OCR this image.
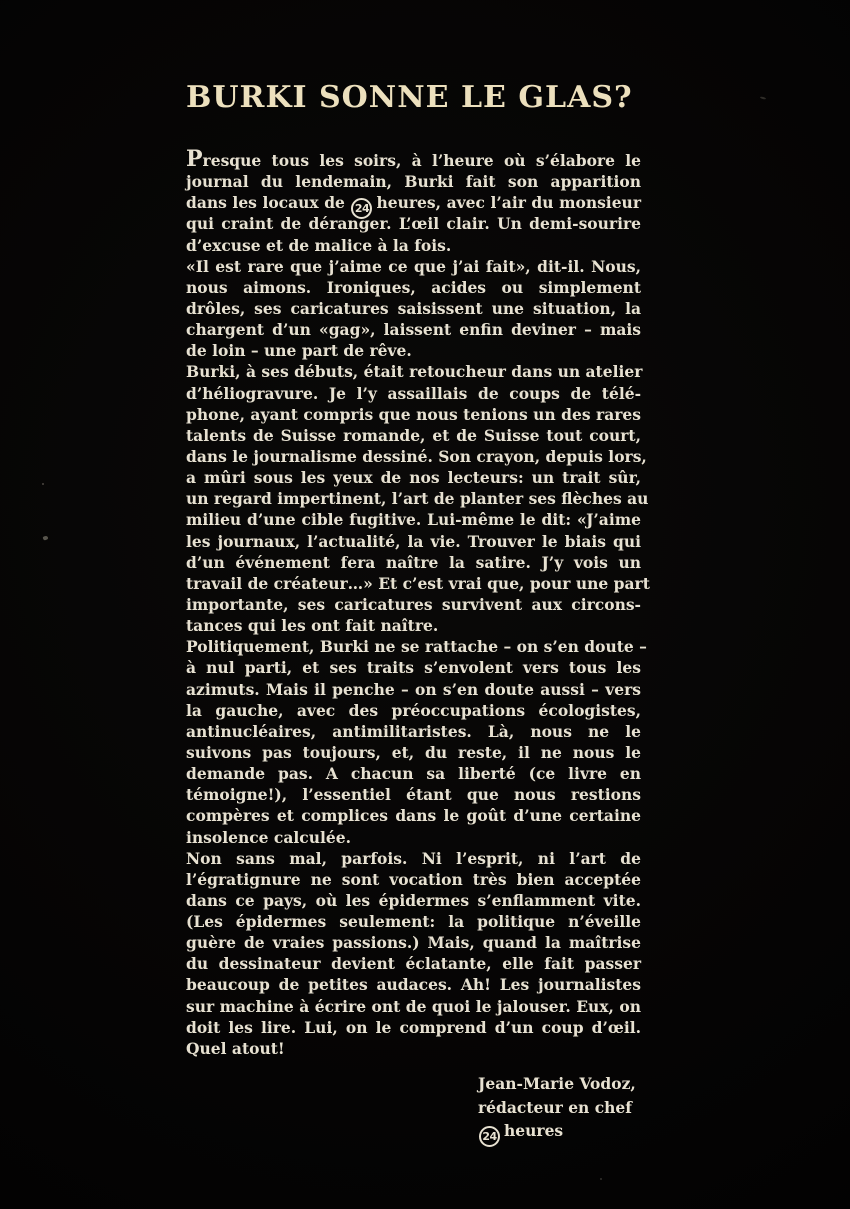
BURKI SONNE LE GLAS?
Presque tous les soirs, à l’heure où s’élabore le
journal du lendemain, Burki fait son apparition
dans les locaux de 24 heures, avec l’air du monsieur
qui craint de déranger. L’œil clair. Un demi-sourire
d’excuse et de malice à la fois.
«Il est rare que j’aime ce que j’ai fait», dit-il. Nous,
nous aimons. Ironiques, acides ou simplement
drôles, ses caricatures saisissent une situation, la
chargent d’un «gag», laissent enfin deviner – mais
de loin – une part de rêve.
Burki, à ses débuts, était retoucheur dans un atelier
d’héliogravure. Je l’y assaillais de coups de télé-
phone, ayant compris que nous tenions un des rares
talents de Suisse romande, et de Suisse tout court,
dans le journalisme dessiné. Son crayon, depuis lors,
a mûri sous les yeux de nos lecteurs: un trait sûr,
un regard impertinent, l’art de planter ses flèches au
milieu d’une cible fugitive. Lui-même le dit: «J’aime
les journaux, l’actualité, la vie. Trouver le biais qui
d’un événement fera naître la satire. J’y vois un
travail de créateur…» Et c’est vrai que, pour une part
importante, ses caricatures survivent aux circons-
tances qui les ont fait naître.
Politiquement, Burki ne se rattache – on s’en doute –
à nul parti, et ses traits s’envolent vers tous les
azimuts. Mais il penche – on s’en doute aussi – vers
la gauche, avec des préoccupations écologistes,
antinucléaires, antimilitaristes. Là, nous ne le
suivons pas toujours, et, du reste, il ne nous le
demande pas. A chacun sa liberté (ce livre en
témoigne!), l’essentiel étant que nous restions
compères et complices dans le goût d’une certaine
insolence calculée.
Non sans mal, parfois. Ni l’esprit, ni l’art de
l’égratignure ne sont vocation très bien acceptée
dans ce pays, où les épidermes s’enflamment vite.
(Les épidermes seulement: la politique n’éveille
guère de vraies passions.) Mais, quand la maîtrise
du dessinateur devient éclatante, elle fait passer
beaucoup de petites audaces. Ah! Les journalistes
sur machine à écrire ont de quoi le jalouser. Eux, on
doit les lire. Lui, on le comprend d’un coup d’œil.
Quel atout!
Jean-Marie Vodoz,
rédacteur en chef
24 heures
